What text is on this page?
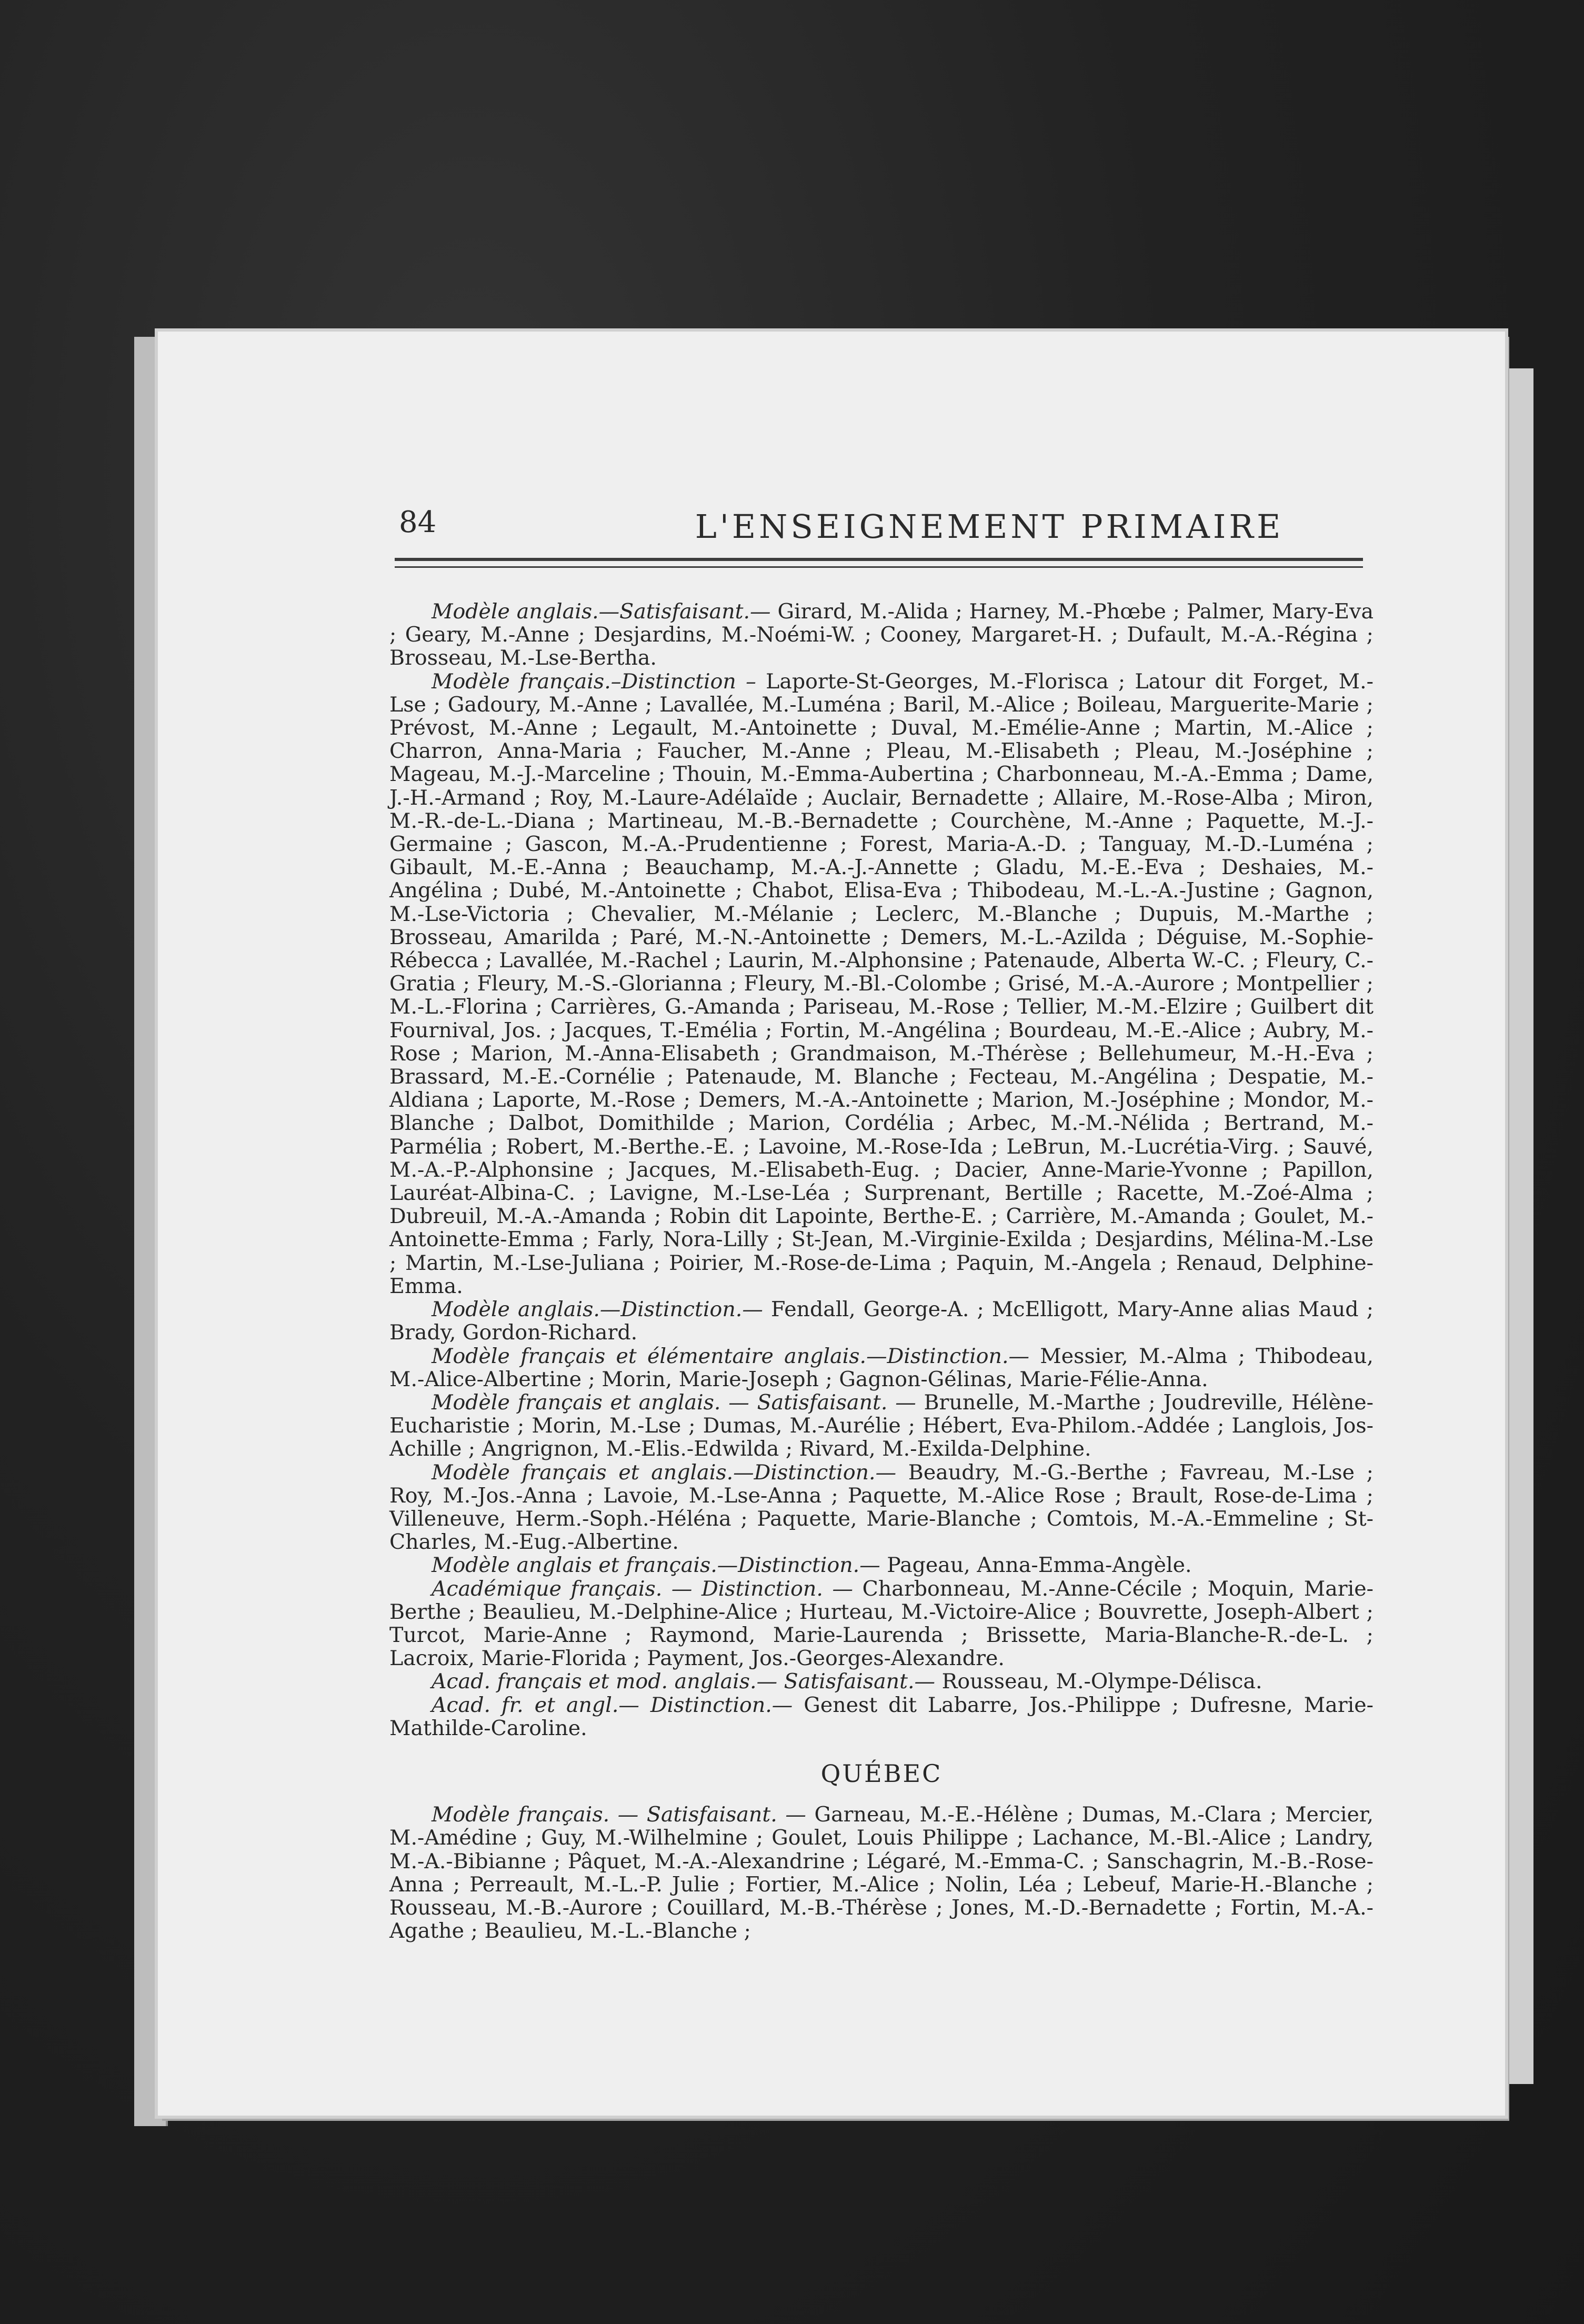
84	L'ENSEIGNEMENT PRIMAIRE

Modèle anglais.—Satisfaisant.— Girard, M.-Alida ; Harney, M.-Phœbe ; Palmer, Mary-Eva ; Geary, M.-Anne ; Desjardins, M.-Noémi-W. ; Cooney, Margaret-H. ; Dufault, M.-A.-Régina ; Brosseau, M.-Lse-Bertha.

Modèle français.–Distinction – Laporte-St-Georges, M.-Florisca ; Latour dit Forget, M.-Lse ; Gadoury, M.-Anne ; Lavallée, M.-Luména ; Baril, M.-Alice ; Boileau, Marguerite-Marie ; Prévost, M.-Anne ; Legault, M.-Antoinette ; Duval, M.-Emélie-Anne ; Martin, M.-Alice ; Charron, Anna-Maria ; Faucher, M.-Anne ; Pleau, M.-Elisabeth ; Pleau, M.-Joséphine ; Mageau, M.-J.-Marceline ; Thouin, M.-Emma-Aubertina ; Charbonneau, M.-A.-Emma ; Dame, J.-H.-Armand ; Roy, M.-Laure-Adélaïde ; Auclair, Bernadette ; Allaire, M.-Rose-Alba ; Miron, M.-R.-de-L.-Diana ; Martineau, M.-B.-Bernadette ; Courchène, M.-Anne ; Paquette, M.-J.-Germaine ; Gascon, M.-A.-Prudentienne ; Forest, Maria-A.-D. ; Tanguay, M.-D.-Luména ; Gibault, M.-E.-Anna ; Beauchamp, M.-A.-J.-Annette ; Gladu, M.-E.-Eva ; Deshaies, M.-Angélina ; Dubé, M.-Antoinette ; Chabot, Elisa-Eva ; Thibodeau, M.-L.-A.-Justine ; Gagnon, M.-Lse-Victoria ; Chevalier, M.-Mélanie ; Leclerc, M.-Blanche ; Dupuis, M.-Marthe ; Brosseau, Amarilda ; Paré, M.-N.-Antoinette ; Demers, M.-L.-Azilda ; Déguise, M.-Sophie-Rébecca ; Lavallée, M.-Rachel ; Laurin, M.-Alphonsine ; Patenaude, Alberta W.-C. ; Fleury, C.-Gratia ; Fleury, M.-S.-Glorianna ; Fleury, M.-Bl.-Colombe ; Grisé, M.-A.-Aurore ; Montpellier ; M.-L.-Florina ; Carrières, G.-Amanda ; Pariseau, M.-Rose ; Tellier, M.-M.-Elzire ; Guilbert dit Fournival, Jos. ; Jacques, T.-Emélia ; Fortin, M.-Angélina ; Bourdeau, M.-E.-Alice ; Aubry, M.-Rose ; Marion, M.-Anna-Elisabeth ; Grandmaison, M.-Thérèse ; Bellehumeur, M.-H.-Eva ; Brassard, M.-E.-Cornélie ; Patenaude, M. Blanche ; Fecteau, M.-Angélina ; Despatie, M.-Aldiana ; Laporte, M.-Rose ; Demers, M.-A.-Antoinette ; Marion, M.-Joséphine ; Mondor, M.-Blanche ; Dalbot, Domithilde ; Marion, Cordélia ; Arbec, M.-M.-Nélida ; Bertrand, M.-Parmélia ; Robert, M.-Berthe.-E. ; Lavoine, M.-Rose-Ida ; LeBrun, M.-Lucrétia-Virg. ; Sauvé, M.-A.-P.-Alphonsine ; Jacques, M.-Elisabeth-Eug. ; Dacier, Anne-Marie-Yvonne ; Papillon, Lauréat-Albina-C. ; Lavigne, M.-Lse-Léa ; Surprenant, Bertille ; Racette, M.-Zoé-Alma ; Dubreuil, M.-A.-Amanda ; Robin dit Lapointe, Berthe-E. ; Carrière, M.-Amanda ; Goulet, M.-Antoinette-Emma ; Farly, Nora-Lilly ; St-Jean, M.-Virginie-Exilda ; Desjardins, Mélina-M.-Lse ; Martin, M.-Lse-Juliana ; Poirier, M.-Rose-de-Lima ; Paquin, M.-Angela ; Renaud, Delphine-Emma.

Modèle anglais.—Distinction.— Fendall, George-A. ; McElligott, Mary-Anne alias Maud ; Brady, Gordon-Richard.

Modèle français et élémentaire anglais.—Distinction.— Messier, M.-Alma ; Thibodeau, M.-Alice-Albertine ; Morin, Marie-Joseph ; Gagnon-Gélinas, Marie-Félie-Anna.

Modèle français et anglais. — Satisfaisant. — Brunelle, M.-Marthe ; Joudreville, Hélène-Eucharistie ; Morin, M.-Lse ; Dumas, M.-Aurélie ; Hébert, Eva-Philom.-Addée ; Langlois, Jos-Achille ; Angrignon, M.-Elis.-Edwilda ; Rivard, M.-Exilda-Delphine.

Modèle français et anglais.—Distinction.— Beaudry, M.-G.-Berthe ; Favreau, M.-Lse ; Roy, M.-Jos.-Anna ; Lavoie, M.-Lse-Anna ; Paquette, M.-Alice Rose ; Brault, Rose-de-Lima ; Villeneuve, Herm.-Soph.-Héléna ; Paquette, Marie-Blanche ; Comtois, M.-A.-Emmeline ; St-Charles, M.-Eug.-Albertine.

Modèle anglais et français.—Distinction.— Pageau, Anna-Emma-Angèle.

Académique français. — Distinction. — Charbonneau, M.-Anne-Cécile ; Moquin, Marie-Berthe ; Beaulieu, M.-Delphine-Alice ; Hurteau, M.-Victoire-Alice ; Bouvrette, Joseph-Albert ; Turcot, Marie-Anne ; Raymond, Marie-Laurenda ; Brissette, Maria-Blanche-R.-de-L. ; Lacroix, Marie-Florida ; Payment, Jos.-Georges-Alexandre.

Acad. français et mod. anglais.— Satisfaisant.— Rousseau, M.-Olympe-Délisca.

Acad. fr. et angl.— Distinction.— Genest dit Labarre, Jos.-Philippe ; Dufresne, Marie-Mathilde-Caroline.

QUÉBEC

Modèle français. — Satisfaisant. — Garneau, M.-E.-Hélène ; Dumas, M.-Clara ; Mercier, M.-Amédine ; Guy, M.-Wilhelmine ; Goulet, Louis Philippe ; Lachance, M.-Bl.-Alice ; Landry, M.-A.-Bibianne ; Pâquet, M.-A.-Alexandrine ; Légaré, M.-Emma-C. ; Sanschagrin, M.-B.-Rose-Anna ; Perreault, M.-L.-P. Julie ; Fortier, M.-Alice ; Nolin, Léa ; Lebeuf, Marie-H.-Blanche ; Rousseau, M.-B.-Aurore ; Couillard, M.-B.-Thérèse ; Jones, M.-D.-Bernadette ; Fortin, M.-A.-Agathe ; Beaulieu, M.-L.-Blanche ;
